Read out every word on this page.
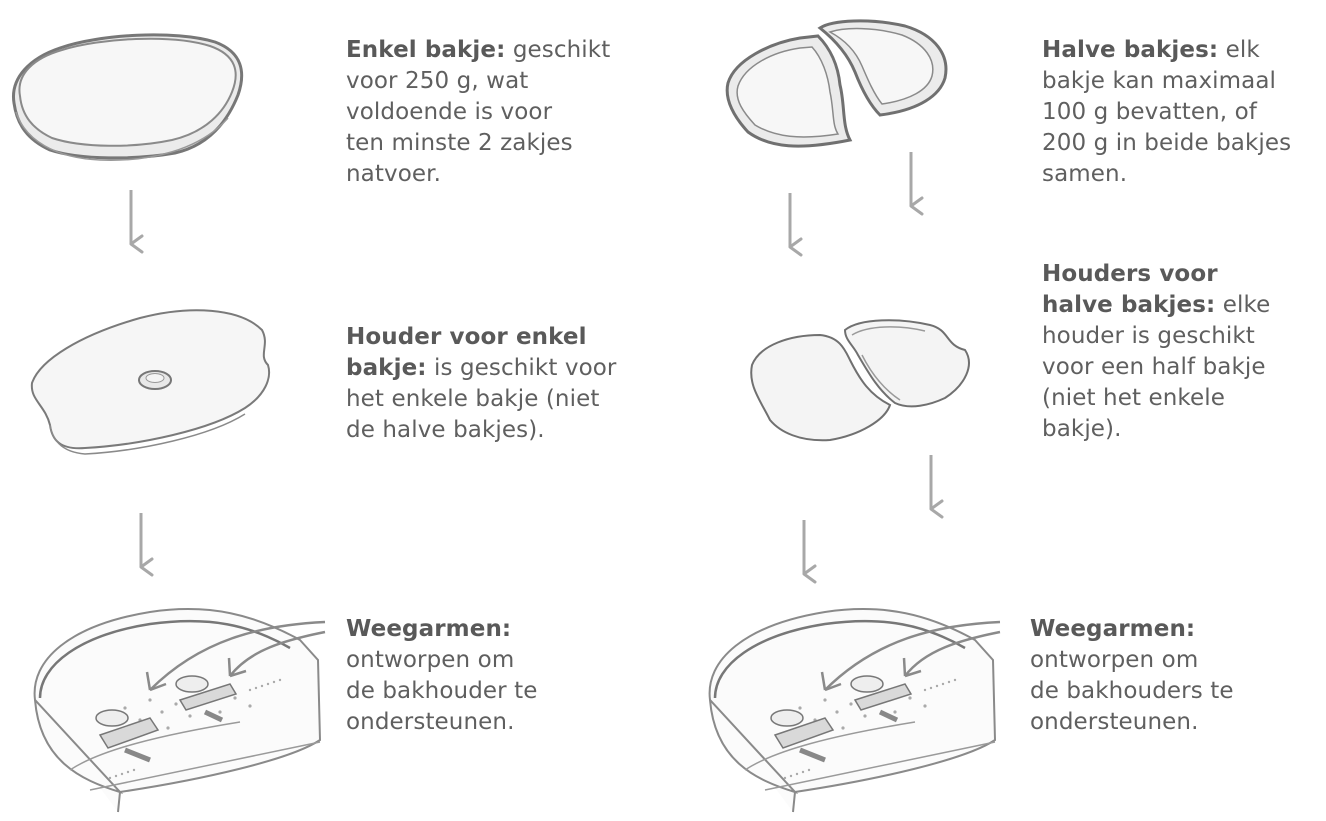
Enkel bakje: geschikt
voor 250 g, wat
voldoende is voor
ten minste 2 zakjes
natvoer.
Houder voor enkel
bakje: is geschikt voor
het enkele bakje (niet
de halve bakjes).
Weegarmen:
ontworpen om
de bakhouder te
ondersteunen.
Halve bakjes: elk
bakje kan maximaal
100 g bevatten, of
200 g in beide bakjes
samen.
Houders voor
halve bakjes: elke
houder is geschikt
voor een half bakje
(niet het enkele
bakje).
Weegarmen:
ontworpen om
de bakhouders te
ondersteunen.
